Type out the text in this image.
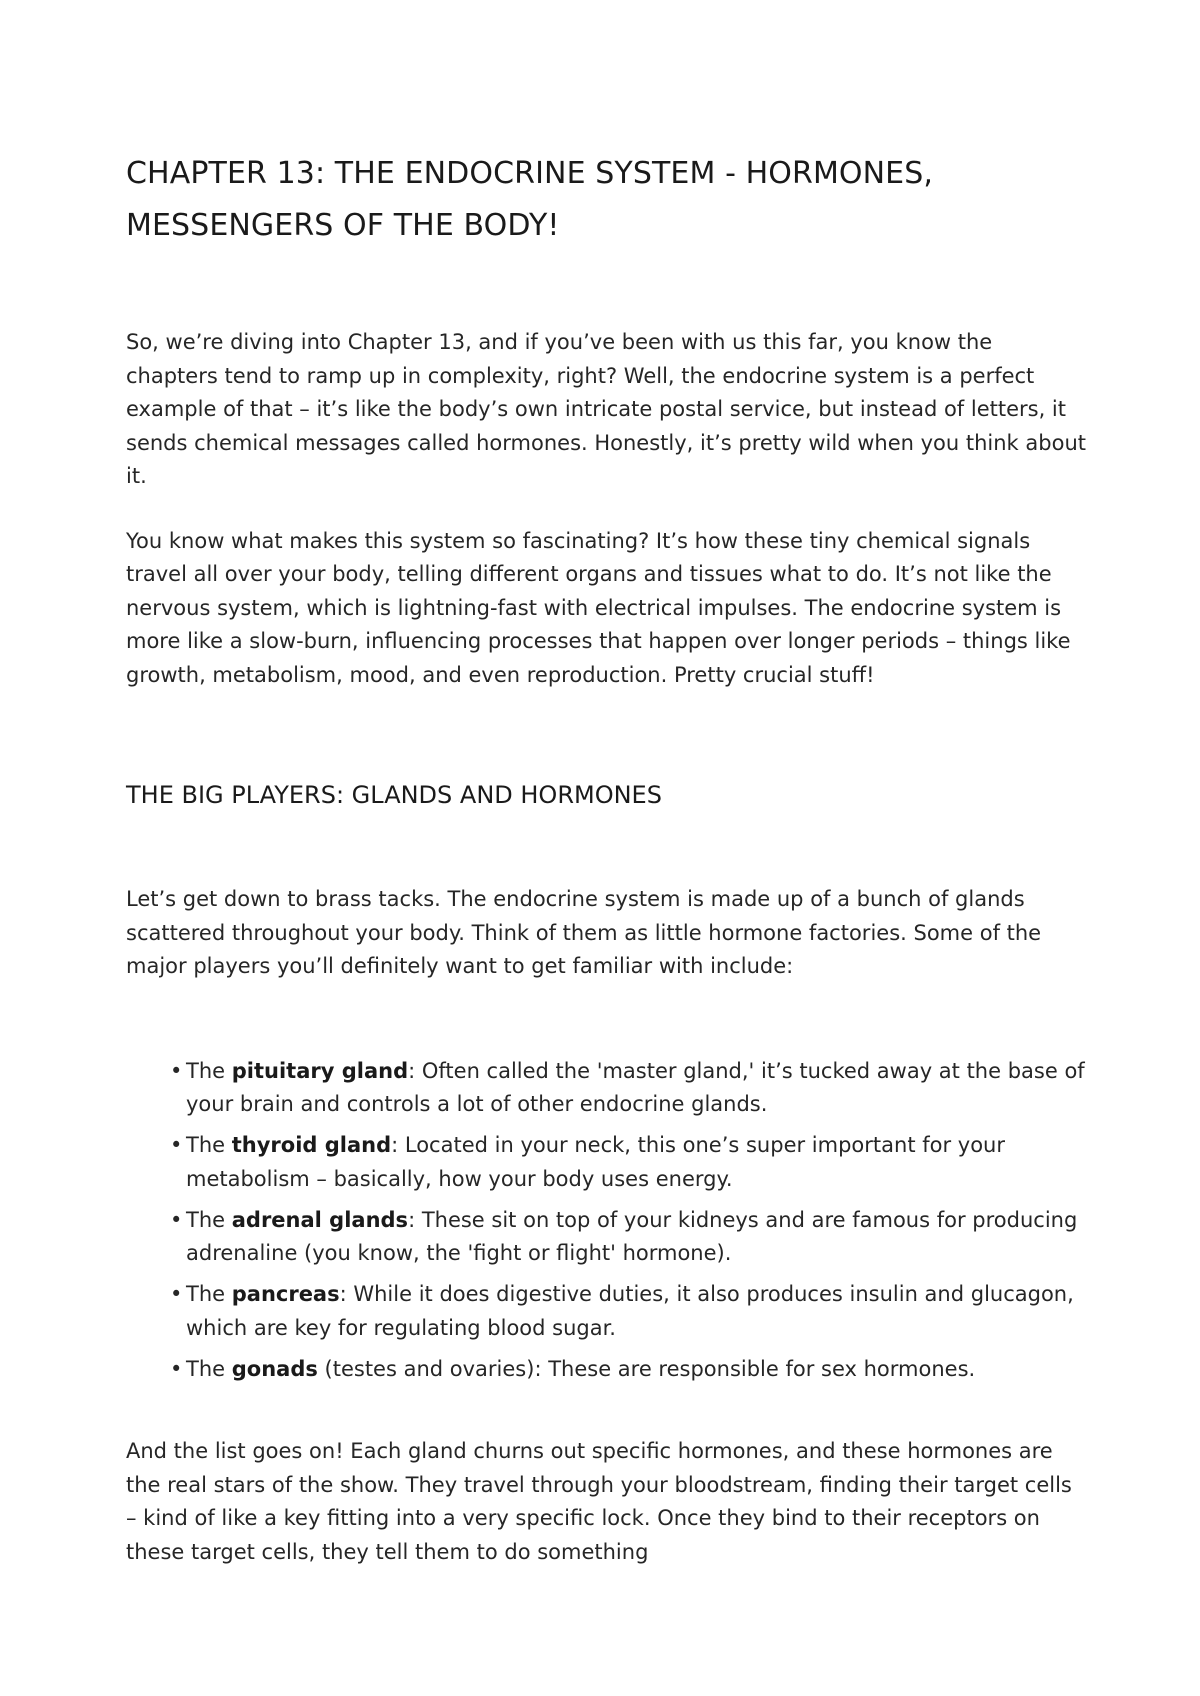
CHAPTER 13: THE ENDOCRINE SYSTEM - HORMONES, MESSENGERS OF THE BODY!

So, we’re diving into Chapter 13, and if you’ve been with us this far, you know the chapters tend to ramp up in complexity, right? Well, the endocrine system is a perfect example of that – it’s like the body’s own intricate postal service, but instead of letters, it sends chemical messages called hormones. Honestly, it’s pretty wild when you think about it.

You know what makes this system so fascinating? It’s how these tiny chemical signals travel all over your body, telling different organs and tissues what to do. It’s not like the nervous system, which is lightning-fast with electrical impulses. The endocrine system is more like a slow-burn, influencing processes that happen over longer periods – things like growth, metabolism, mood, and even reproduction. Pretty crucial stuff!

THE BIG PLAYERS: GLANDS AND HORMONES

Let’s get down to brass tacks. The endocrine system is made up of a bunch of glands scattered throughout your body. Think of them as little hormone factories. Some of the major players you’ll definitely want to get familiar with include:

• The pituitary gland: Often called the 'master gland,' it’s tucked away at the base of your brain and controls a lot of other endocrine glands.
• The thyroid gland: Located in your neck, this one’s super important for your metabolism – basically, how your body uses energy.
• The adrenal glands: These sit on top of your kidneys and are famous for producing adrenaline (you know, the 'fight or flight' hormone).
• The pancreas: While it does digestive duties, it also produces insulin and glucagon, which are key for regulating blood sugar.
• The gonads (testes and ovaries): These are responsible for sex hormones.

And the list goes on! Each gland churns out specific hormones, and these hormones are the real stars of the show. They travel through your bloodstream, finding their target cells – kind of like a key fitting into a very specific lock. Once they bind to their receptors on these target cells, they tell them to do something
